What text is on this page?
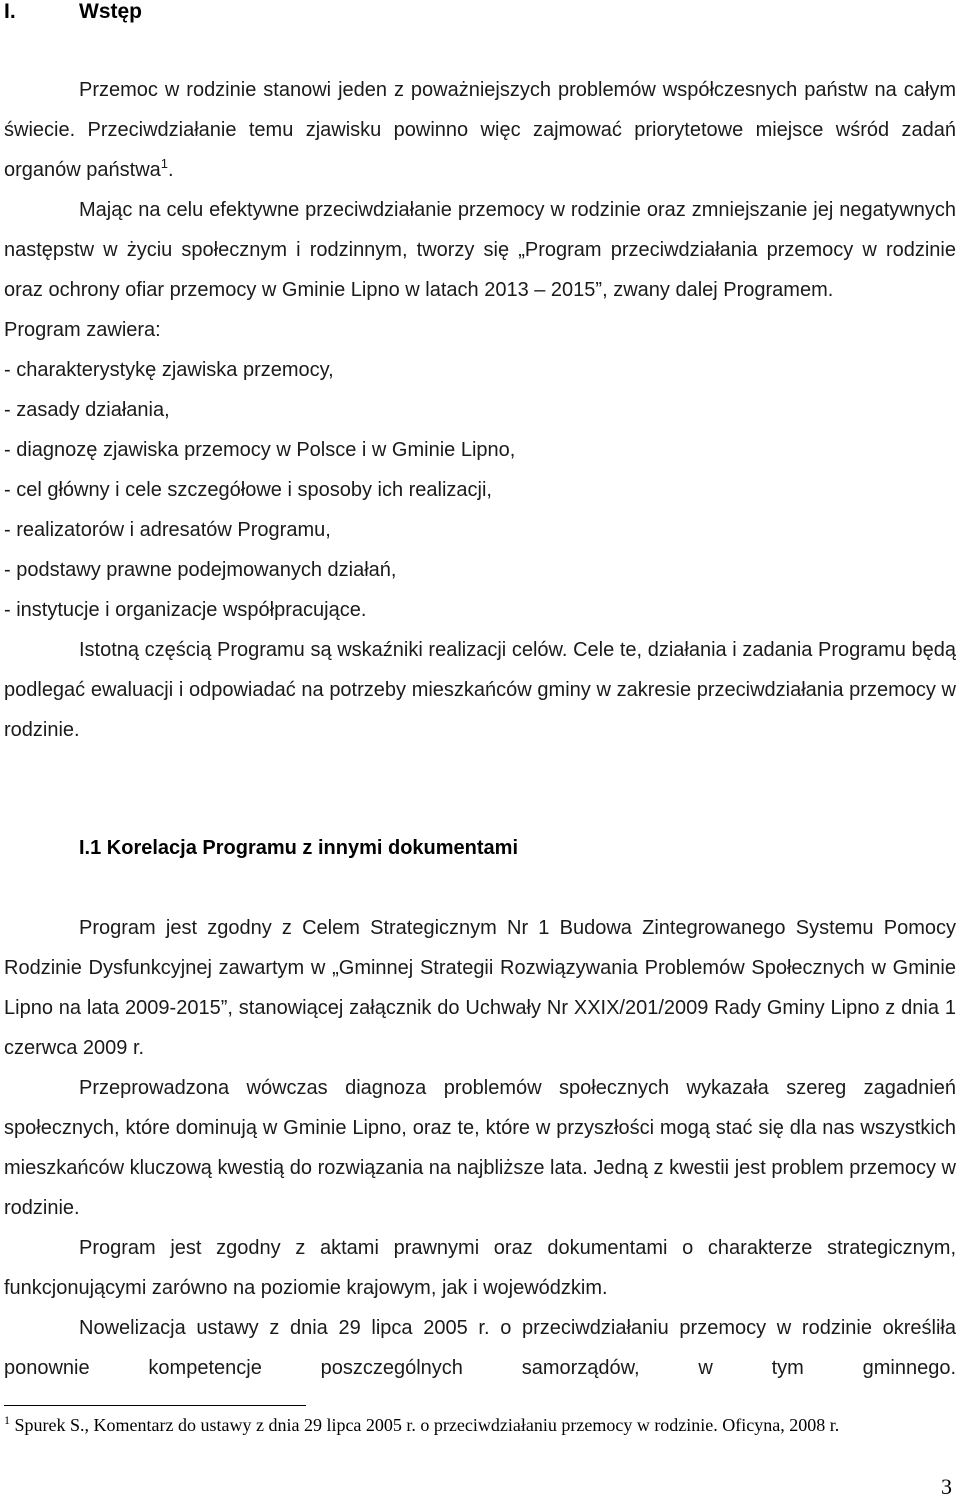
I.	Wstęp

Przemoc w rodzinie stanowi jeden z poważniejszych problemów współczesnych państw na całym świecie. Przeciwdziałanie temu zjawisku powinno więc zajmować priorytetowe miejsce wśród zadań organów państwa$^1$.

Mając na celu efektywne przeciwdziałanie przemocy w rodzinie oraz zmniejszanie jej negatywnych następstw w życiu społecznym i rodzinnym, tworzy się „Program przeciwdziałania przemocy w rodzinie oraz ochrony ofiar przemocy w Gminie Lipno w latach 2013 – 2015”, zwany dalej Programem.

Program zawiera:
- charakterystykę zjawiska przemocy,
- zasady działania,
- diagnozę zjawiska przemocy w Polsce i w Gminie Lipno,
- cel główny i cele szczegółowe i sposoby ich realizacji,
- realizatorów i adresatów Programu,
- podstawy prawne podejmowanych działań,
- instytucje i organizacje współpracujące.

Istotną częścią Programu są wskaźniki realizacji celów. Cele te, działania i zadania Programu będą podlegać ewaluacji i odpowiadać na potrzeby mieszkańców gminy w zakresie przeciwdziałania przemocy w rodzinie.

I.1 Korelacja Programu z innymi dokumentami

Program jest zgodny z Celem Strategicznym Nr 1 Budowa Zintegrowanego Systemu Pomocy Rodzinie Dysfunkcyjnej zawartym w „Gminnej Strategii Rozwiązywania Problemów Społecznych w Gminie Lipno na lata 2009-2015”, stanowiącej załącznik do Uchwały Nr XXIX/201/2009 Rady Gminy Lipno z dnia 1 czerwca 2009 r.

Przeprowadzona wówczas diagnoza problemów społecznych wykazała szereg zagadnień społecznych, które dominują w Gminie Lipno, oraz te, które w przyszłości mogą stać się dla nas wszystkich mieszkańców kluczową kwestią do rozwiązania na najbliższe lata. Jedną z kwestii jest problem przemocy w rodzinie.

Program jest zgodny z aktami prawnymi oraz dokumentami o charakterze strategicznym, funkcjonującymi zarówno na poziomie krajowym, jak i wojewódzkim.

Nowelizacja ustawy z dnia 29 lipca 2005 r. o przeciwdziałaniu przemocy w rodzinie określiła ponownie kompetencje poszczególnych samorządów, w tym gminnego.

$^1$ Spurek S., Komentarz do ustawy z dnia 29 lipca 2005 r. o przeciwdziałaniu przemocy w rodzinie. Oficyna, 2008 r.
3
